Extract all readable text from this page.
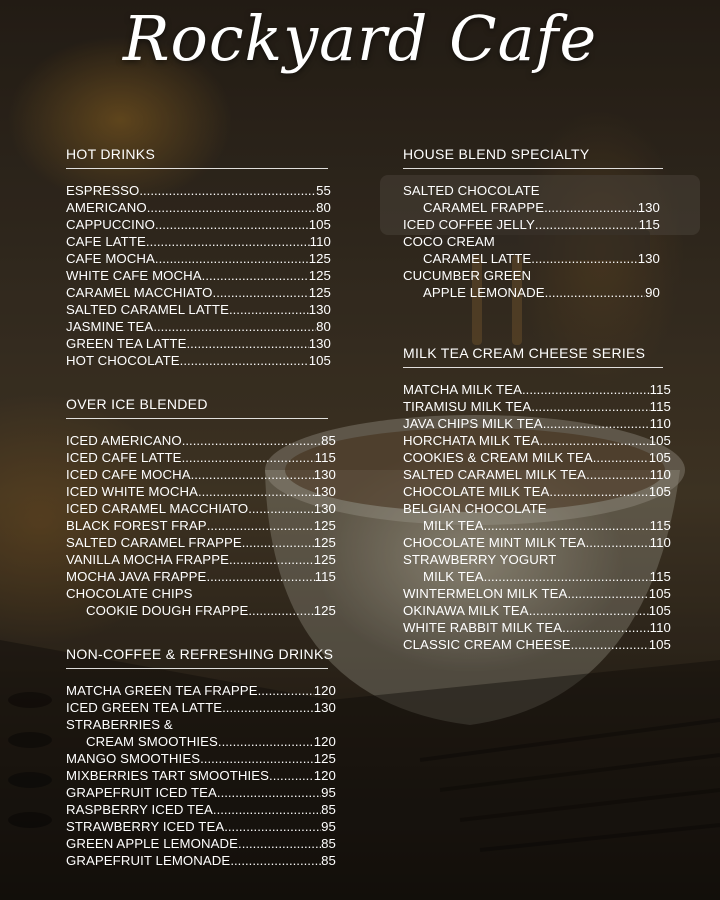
Rockyard Cafe
HOT DRINKS
ESPRESSO .....	55
AMERICANO .....	80
CAPPUCCINO .....	105
CAFE LATTE .....	110
CAFE MOCHA .....	125
WHITE CAFE MOCHA .....	125
CARAMEL MACCHIATO .....	125
SALTED CARAMEL LATTE .....	130
JASMINE TEA .....	80
GREEN TEA LATTE .....	130
HOT CHOCOLATE .....	105
OVER ICE BLENDED
ICED AMERICANO .....	85
ICED CAFE LATTE .....	115
ICED CAFE MOCHA .....	130
ICED WHITE MOCHA .....	130
ICED CARAMEL MACCHIATO .....	130
BLACK FOREST FRAP .....	125
SALTED CARAMEL FRAPPE .....	125
VANILLA MOCHA FRAPPE .....	125
MOCHA JAVA FRAPPE .....	115
CHOCOLATE CHIPS
COOKIE DOUGH FRAPPE .....	125
NON-COFFEE & REFRESHING DRINKS
MATCHA GREEN TEA FRAPPE .....	120
ICED GREEN TEA LATTE .....	130
STRABERRIES &
CREAM SMOOTHIES .....	120
MANGO SMOOTHIES .....	125
MIXBERRIES TART SMOOTHIES .....	120
GRAPEFRUIT ICED TEA .....	95
RASPBERRY ICED TEA .....	85
STRAWBERRY ICED TEA .....	95
GREEN APPLE LEMONADE .....	85
GRAPEFRUIT LEMONADE .....	85
HOUSE BLEND SPECIALTY
SALTED CHOCOLATE
CARAMEL FRAPPE .....	130
ICED COFFEE JELLY .....	115
COCO CREAM
CARAMEL LATTE .....	130
CUCUMBER GREEN
APPLE LEMONADE .....	90
MILK TEA CREAM CHEESE SERIES
MATCHA MILK TEA .....	115
TIRAMISU MILK TEA .....	115
JAVA CHIPS MILK TEA .....	110
HORCHATA MILK TEA .....	105
COOKIES & CREAM MILK TEA .....	105
SALTED CARAMEL MILK TEA .....	110
CHOCOLATE MILK TEA .....	105
BELGIAN CHOCOLATE
MILK TEA .....	115
CHOCOLATE MINT MILK TEA .....	110
STRAWBERRY YOGURT
MILK TEA .....	115
WINTERMELON MILK TEA .....	105
OKINAWA MILK TEA .....	105
WHITE RABBIT MILK TEA .....	110
CLASSIC CREAM CHEESE .....	105
